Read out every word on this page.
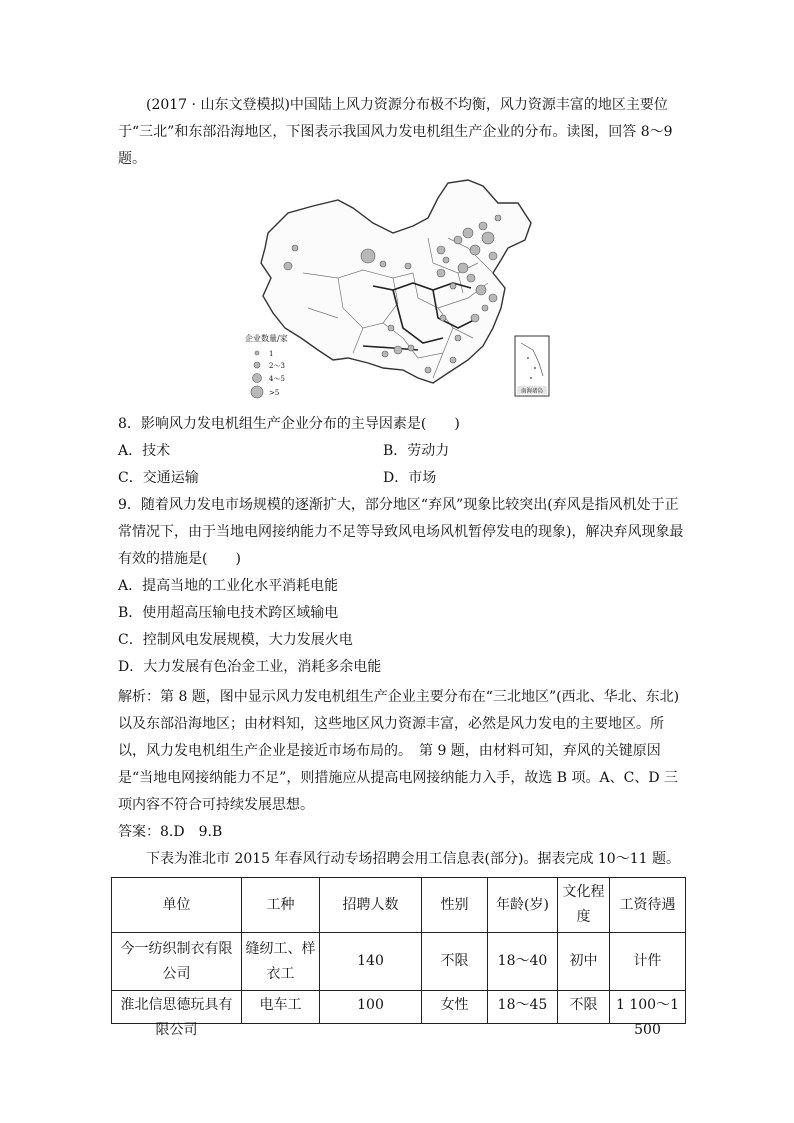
(2017 · 山东文登模拟)中国陆上风力资源分布极不均衡，风力资源丰富的地区主要位于“三北”和东部沿海地区，下图表示我国风力发电机组生产企业的分布。读图，回答 8～9 题。

企业数量/家
1
2～3
4～5
>5	南海诸岛

8．影响风力发电机组生产企业分布的主导因素是(　　)

A．技术	B．劳动力
C．交通运输	D．市场

9．随着风力发电市场规模的逐渐扩大，部分地区“弃风”现象比较突出(弃风是指风机处于正常情况下，由于当地电网接纳能力不足等导致风电场风机暂停发电的现象)，解决弃风现象最有效的措施是(　　)

A．提高当地的工业化水平消耗电能
B．使用超高压输电技术跨区域输电
C．控制风电发展规模，大力发展火电
D．大力发展有色冶金工业，消耗多余电能

解析：第 8 题，图中显示风力发电机组生产企业主要分布在“三北地区”(西北、华北、东北)以及东部沿海地区；由材料知，这些地区风力资源丰富，必然是风力发电的主要地区。所以，风力发电机组生产企业是接近市场布局的。　第 9 题，由材料可知，弃风的关键原因是“当地电网接纳能力不足”，则措施应从提高电网接纳能力入手，故选 B 项。A、C、D 三项内容不符合可持续发展思想。

答案：8.D　9.B

下表为淮北市 2015 年春风行动专场招聘会用工信息表(部分)。据表完成 10～11 题。

单位	工种	招聘人数	性别	年龄(岁)	文化程度	工资待遇
今一纺织制衣有限公司	缝纫工、样衣工	140	不限	18～40	初中	计件

淮北信思德玩具有限公司	电车工	100	女性	18～45	不限	1 100～1 500
